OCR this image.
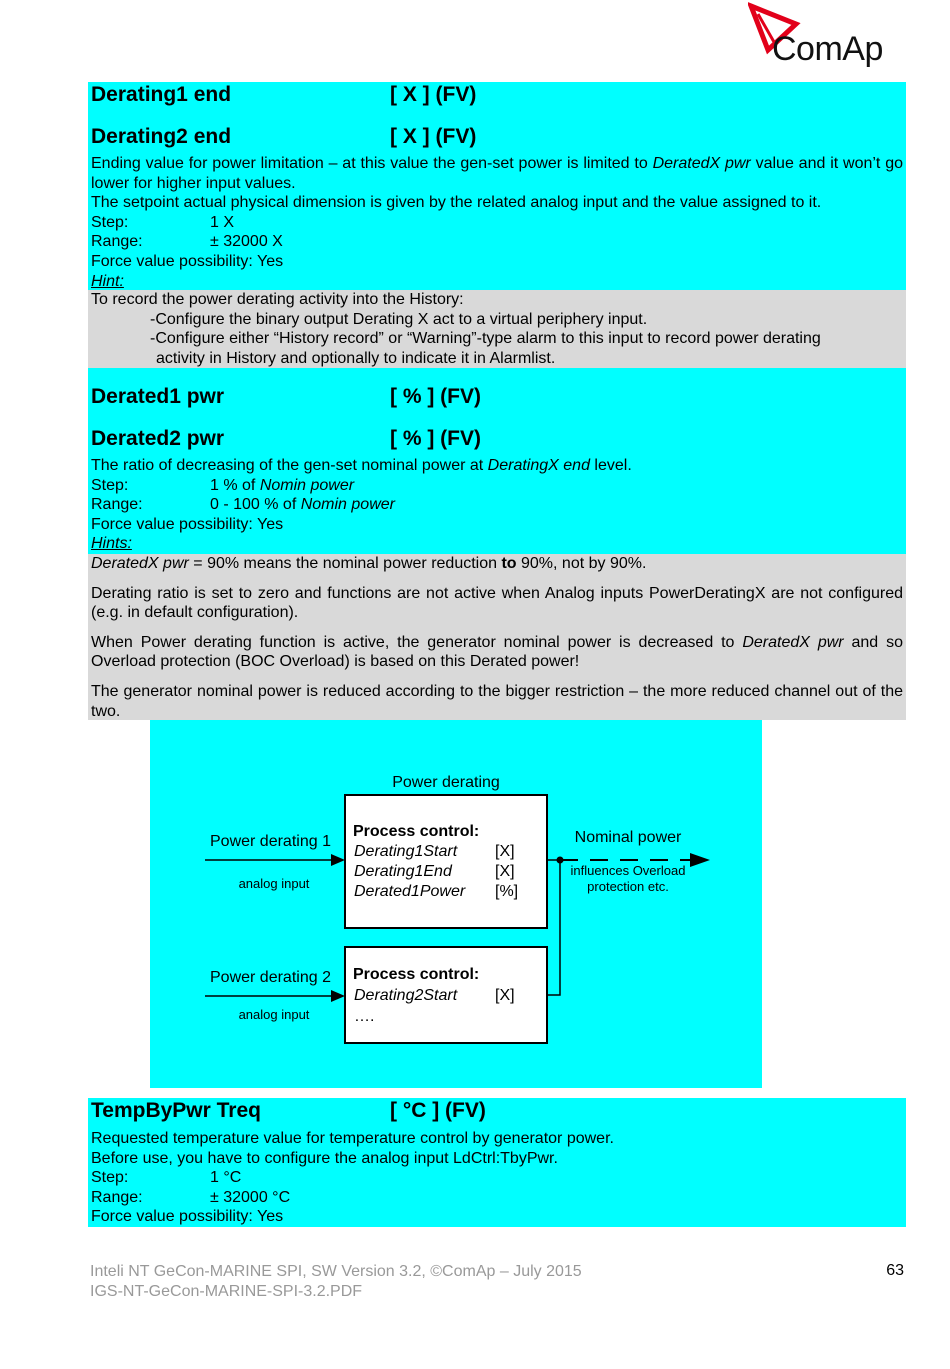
ComAp
Derating1 end	[ X ] (FV)
Derating2 end	[ X ] (FV)
Ending value for power limitation – at this value the gen-set power is limited to DeratedX pwr value and it won’t go lower for higher input values.
The setpoint actual physical dimension is given by the related analog input and the value assigned to it.
Step:	1 X
Range:	± 32000 X
Force value possibility: Yes
Hint:
To record the power derating activity into the History:
-Configure the binary output Derating X act to a virtual periphery input.
-Configure either “History record” or “Warning”-type alarm to this input to record power derating
activity in History and optionally to indicate it in Alarmlist.
Derated1 pwr	[ % ] (FV)
Derated2 pwr	[ % ] (FV)
The ratio of decreasing of the gen-set nominal power at DeratingX end level.
Step:	1 % of Nomin power
Range:	0 - 100 % of Nomin power
Force value possibility: Yes
Hints:
DeratedX pwr = 90% means the nominal power reduction to 90%, not by 90%.
Derating ratio is set to zero and functions are not active when Analog inputs PowerDeratingX are not configured (e.g. in default configuration).
When Power derating function is active, the generator nominal power is decreased to DeratedX pwr and so Overload protection (BOC Overload) is based on this Derated power!
The generator nominal power is reduced according to the bigger restriction – the more reduced channel out of the two.
Power derating
Process control:
Derating1Start [X]
Derating1End	[X]
Derated1Power [%]
Process control:
Derating2Start [X]
….
Power derating 1
analog input
Power derating 2
analog input
Nominal power
influences Overload
protection etc.
TempByPwr Treq	[ °C ] (FV)
Requested temperature value for temperature control by generator power.
Before use, you have to configure the analog input LdCtrl:TbyPwr.
Step:	1 °C
Range:	± 32000 °C
Force value possibility: Yes
Inteli NT GeCon-MARINE SPI, SW Version 3.2, ©ComAp – July 2015
IGS-NT-GeCon-MARINE-SPI-3.2.PDF
63
